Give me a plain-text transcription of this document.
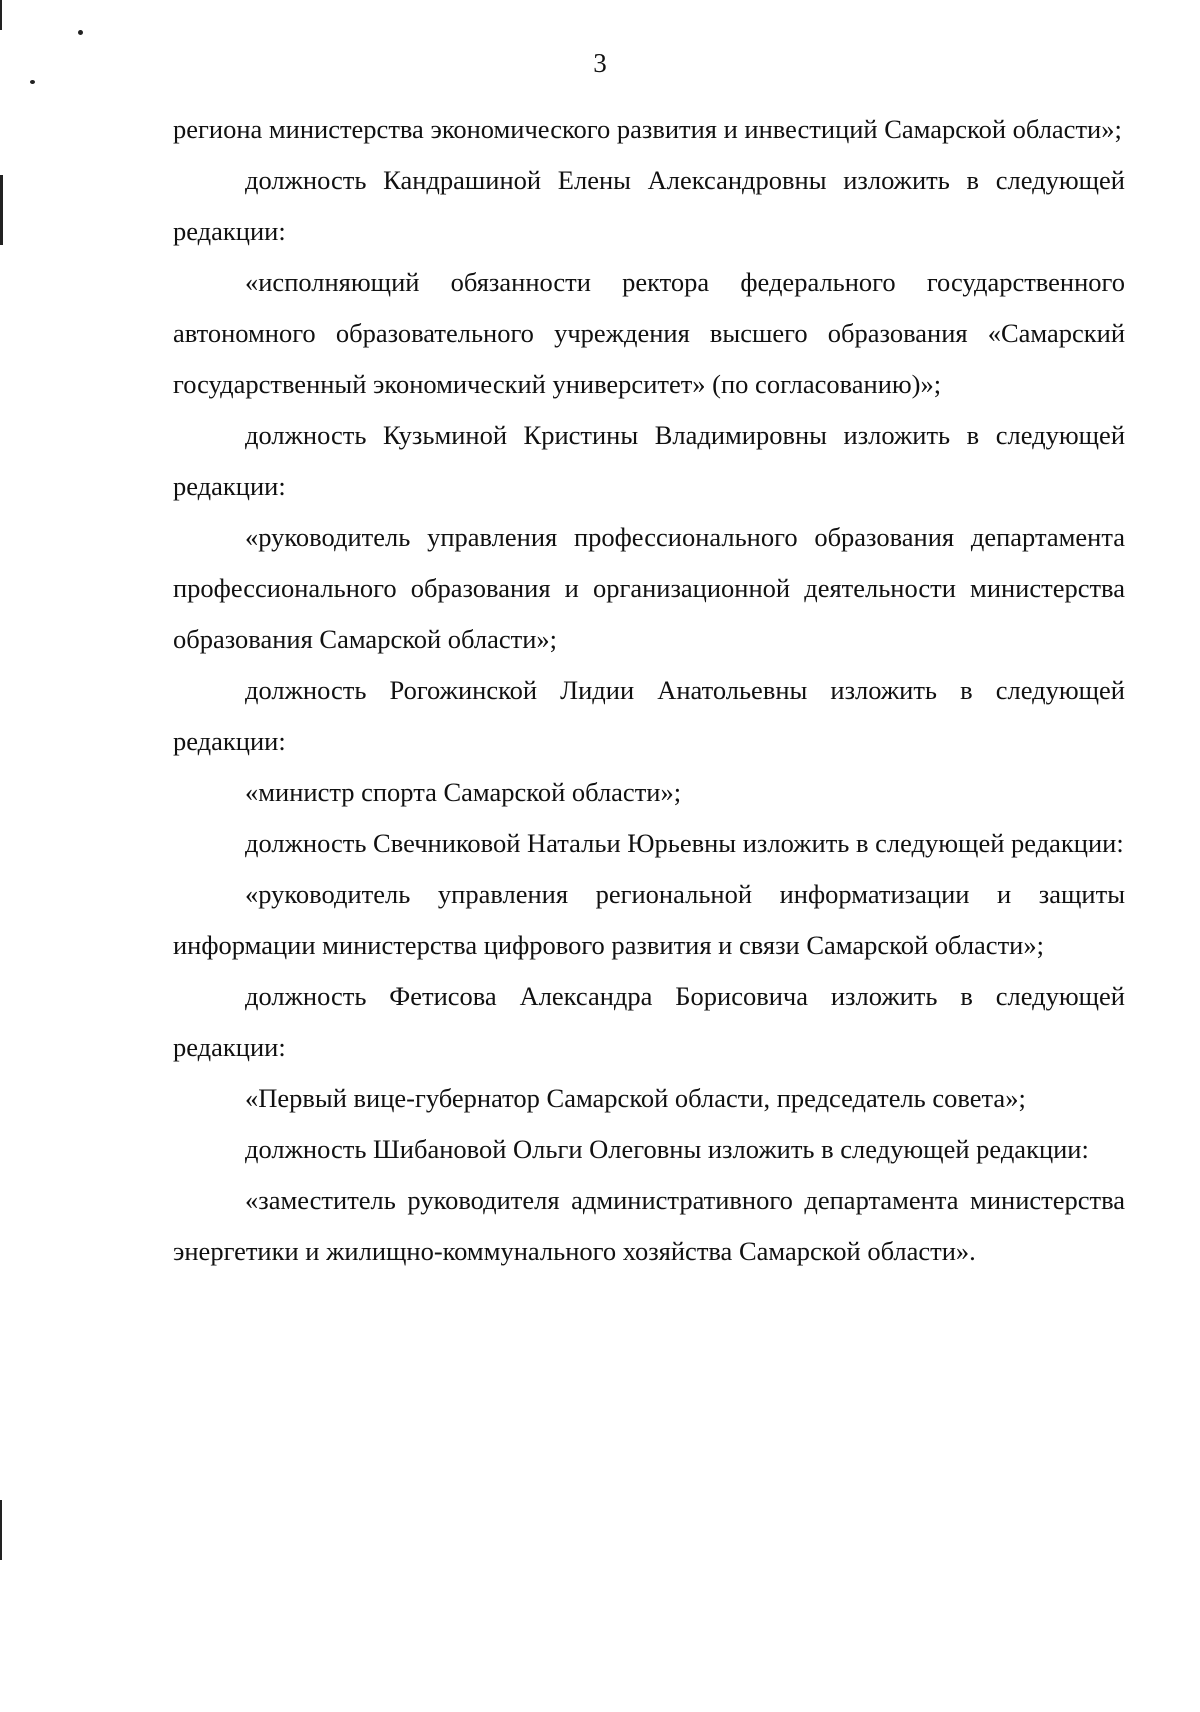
3

региона министерства экономического развития и инвестиций Самарской области»;

должность Кандрашиной Елены Александровны изложить в следующей редакции:

«исполняющий обязанности ректора федерального государственного автономного образовательного учреждения высшего образования «Самарский государственный экономический университет» (по согласованию)»;

должность Кузьминой Кристины Владимировны изложить в следующей редакции:

«руководитель управления профессионального образования департамента профессионального образования и организационной деятельности министерства образования Самарской области»;

должность Рогожинской Лидии Анатольевны изложить в следующей редакции:

«министр спорта Самарской области»;

должность Свечниковой Натальи Юрьевны изложить в следующей редакции:

«руководитель управления региональной информатизации и защиты информации министерства цифрового развития и связи Самарской области»;

должность Фетисова Александра Борисовича изложить в следующей редакции:

«Первый вице-губернатор Самарской области, председатель совета»;

должность Шибановой Ольги Олеговны изложить в следующей редакции:

«заместитель руководителя административного департамента министерства энергетики и жилищно-коммунального хозяйства Самарской области».
